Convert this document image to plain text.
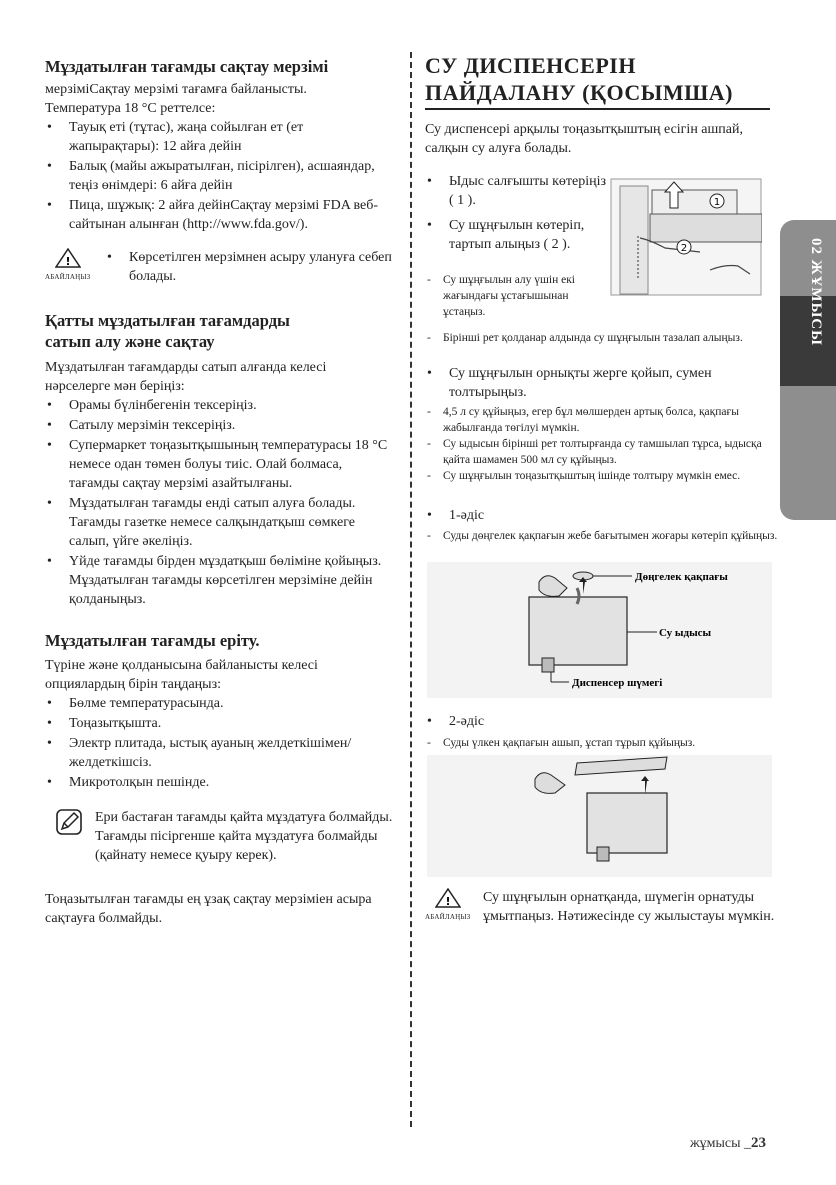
02 ЖҰМЫСЫ
Мұздатылған тағамды сақтау мерзімі

мерзіміСақтау мерзімі тағамға байланысты.

Температура 18 °С реттелсе:

• Тауық еті (тұтас), жаңа сойылған ет (ет жапырақтары): 12 айға дейін
• Балық (майы ажыратылған, пісірілген), асшаяндар, теңіз өнімдері: 6 айға дейін
• Пица, шұжық: 2 айға дейінСақтау мерзімі FDA веб-сайтынан алынған (http://www.fda.gov/).
!
АБАЙЛАҢЫЗ
• Көрсетілген мерзімнен асыру улануға себеп болады.
Қатты мұздатылған тағамдарды
сатып алу және сақтау

Мұздатылған тағамдарды сатып алғанда келесі нәрселерге мән беріңіз:

• Орамы бүлінбегенін тексеріңіз.
• Сатылу мерзімін тексеріңіз.
• Супермаркет тоңазытқышының температурасы 18 °С немесе одан төмен болуы тиіс. Олай болмаса, тағамды сақтау мерзімі азайтылғаны.
• Мұздатылған тағамды енді сатып алуға болады. Тағамды газетке немесе салқындатқыш сөмкеге салып, үйге әкеліңіз.
• Үйде тағамды бірден мұздатқыш бөліміне қойыңыз. Мұздатылған тағамды көрсетілген мерзіміне дейін қолданыңыз.
Мұздатылған тағамды еріту.

Түріне және қолданысына байланысты келесі опциялардың бірін таңдаңыз:

• Бөлме температурасында.
• Тоңазытқышта.
• Электр плитада, ыстық ауаның желдеткішімен/ желдеткішсіз.
• Микротолқын пешінде.

Ери бастаған тағамды қайта мұздатуға болмайды. Тағамды пісіргенше қайта мұздатуға болмайды (қайнату немесе қуыру керек).

Тоңазытылған тағамды ең ұзақ сақтау мерзіміен асыра сақтауға болмайды.

СУ ДИСПЕНСЕРІН
ПАЙДАЛАНУ (ҚОСЫМША)

Су диспенсері арқылы тоңазытқыштың есігін ашпай, салқын су алуға болады.

• Ыдыс салғышты көтеріңіз ( 1 ).
• Су шұңғылын көтеріп, тартып алыңыз ( 2 ).
- Су шұңғылын алу үшін екі жағындағы ұстағышынан ұстаңыз.
1
2
- Бірінші рет қолданар алдында су шұңғылын тазалап алыңыз.
• Су шұңғылын орнықты жерге қойып, сумен толтырыңыз.
- 4,5 л су құйыңыз, егер бұл мөлшерден артық болса, қақпағы жабылғанда төгілуі мүмкін.
- Су ыдысын бірінші рет толтырғанда су тамшылап тұрса, ыдысқа қайта шамамен 500 мл су құйыңыз.
- Су шұңғылын тоңазытқыштың ішінде толтыру мүмкін емес.
• 1-әдіс
- Суды дөңгелек қақпағын жебе бағытымен жоғары көтеріп құйыңыз.
Дөңгелек қақпағы
Су ыдысы
Диспенсер шүмегі
• 2-әдіс
- Суды үлкен қақпағын ашып, ұстап тұрып құйыңыз.
!
АБАЙЛАҢЫЗ

Су шұңғылын орнатқанда, шүмегін орнатуды ұмытпаңыз. Нәтижесінде су жылыстауы мүмкін.

жұмысы _23
